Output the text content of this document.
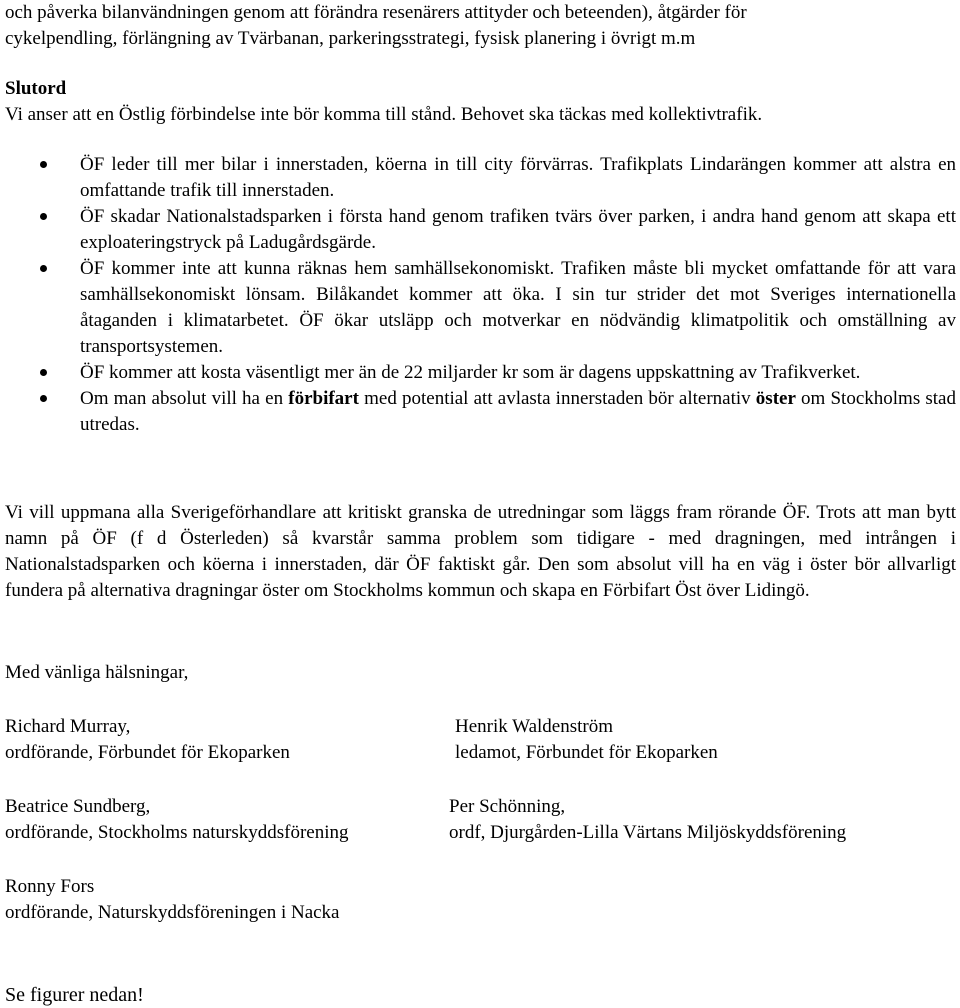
och påverka bilanvändningen genom att förändra resenärers attityder och beteenden), åtgärder för

cykelpendling, förlängning av Tvärbanan, parkeringsstrategi, fysisk planering i övrigt m.m

Slutord

Vi anser att en Östlig förbindelse inte bör komma till stånd. Behovet ska täckas med kollektivtrafik.

ÖF leder till mer bilar i innerstaden, köerna in till city förvärras. Trafikplats Lindarängen kommer att alstra en omfattande trafik till innerstaden.
ÖF skadar Nationalstadsparken i första hand genom trafiken tvärs över parken, i andra hand genom att skapa ett exploateringstryck på Ladugårdsgärde.
ÖF kommer inte att kunna räknas hem samhällsekonomiskt. Trafiken måste bli mycket omfattande för att vara samhällsekonomiskt lönsam. Bilåkandet kommer att öka. I sin tur strider det mot Sveriges internationella åtaganden i klimatarbetet. ÖF ökar utsläpp och motverkar en nödvändig klimatpolitik och omställning av transportsystemen.
ÖF kommer att kosta väsentligt mer än de 22 miljarder kr som är dagens uppskattning av Trafikverket.
Om man absolut vill ha en förbifart med potential att avlasta innerstaden bör alternativ öster om Stockholms stad utredas.

Vi vill uppmana alla Sverigeförhandlare att kritiskt granska de utredningar som läggs fram rörande ÖF. Trots att man bytt namn på ÖF (f d Österleden) så kvarstår samma problem som tidigare - med dragningen, med intrången i Nationalstadsparken och köerna i innerstaden, där ÖF faktiskt går. Den som absolut vill ha en väg i öster bör allvarligt fundera på alternativa dragningar öster om Stockholms kommun och skapa en Förbifart Öst över Lidingö.

Med vänliga hälsningar,

Richard Murray,
ordförande, Förbundet för Ekoparken
Henrik Waldenström
ledamot, Förbundet för Ekoparken
Beatrice Sundberg,
ordförande, Stockholms naturskyddsförening
Per Schönning,
ordf, Djurgården-Lilla Värtans Miljöskyddsförening
Ronny Fors
ordförande, Naturskyddsföreningen i Nacka

Se figurer nedan!
